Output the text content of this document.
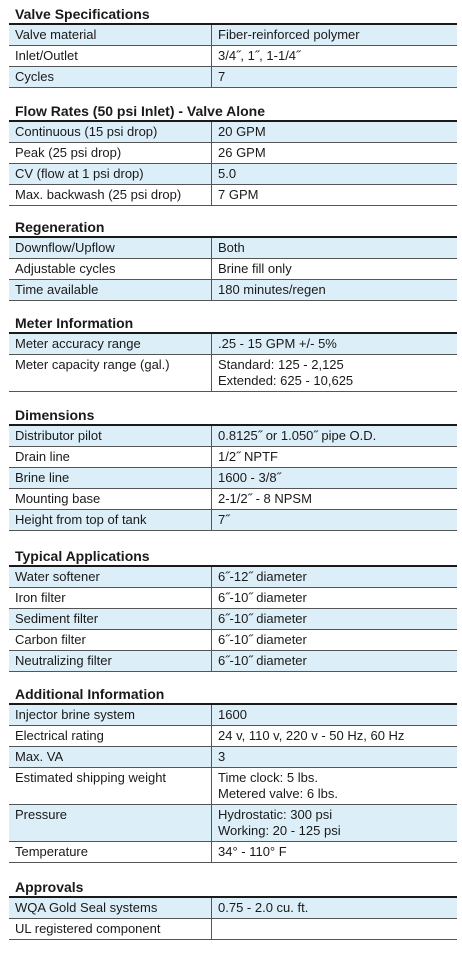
Valve Specifications
Valve material	Fiber-reinforced polymer

Inlet/Outlet	3/4˝, 1˝, 1-1/4˝

Cycles	7
Flow Rates (50 psi Inlet) - Valve Alone
Continuous (15 psi drop)	20 GPM

Peak (25 psi drop)	26 GPM

CV (flow at 1 psi drop)	5.0

Max. backwash (25 psi drop)	7 GPM
Regeneration
Downflow/Upflow	Both

Adjustable cycles	Brine fill only

Time available	180 minutes/regen
Meter Information
Meter accuracy range	.25 - 15 GPM +/- 5%

Meter capacity range (gal.)	Standard: 125 - 2,125
Extended: 625 - 10,625
Dimensions
Distributor pilot	0.8125˝ or 1.050˝ pipe O.D.

Drain line	1/2˝ NPTF

Brine line	1600 - 3/8˝

Mounting base	2-1/2˝ - 8 NPSM

Height from top of tank	7˝
Typical Applications
Water softener	6˝-12˝ diameter

Iron filter	6˝-10˝ diameter

Sediment filter	6˝-10˝ diameter

Carbon filter	6˝-10˝ diameter

Neutralizing filter	6˝-10˝ diameter
Additional Information
Injector brine system	1600

Electrical rating	24 v, 110 v, 220 v - 50 Hz, 60 Hz

Max. VA	3

Estimated shipping weight	Time clock: 5 lbs.
Metered valve: 6 lbs.

Pressure	Hydrostatic: 300 psi
Working: 20 - 125 psi

Temperature	34° - 110° F
Approvals
WQA Gold Seal systems	0.75 - 2.0 cu. ft.

UL registered component	
